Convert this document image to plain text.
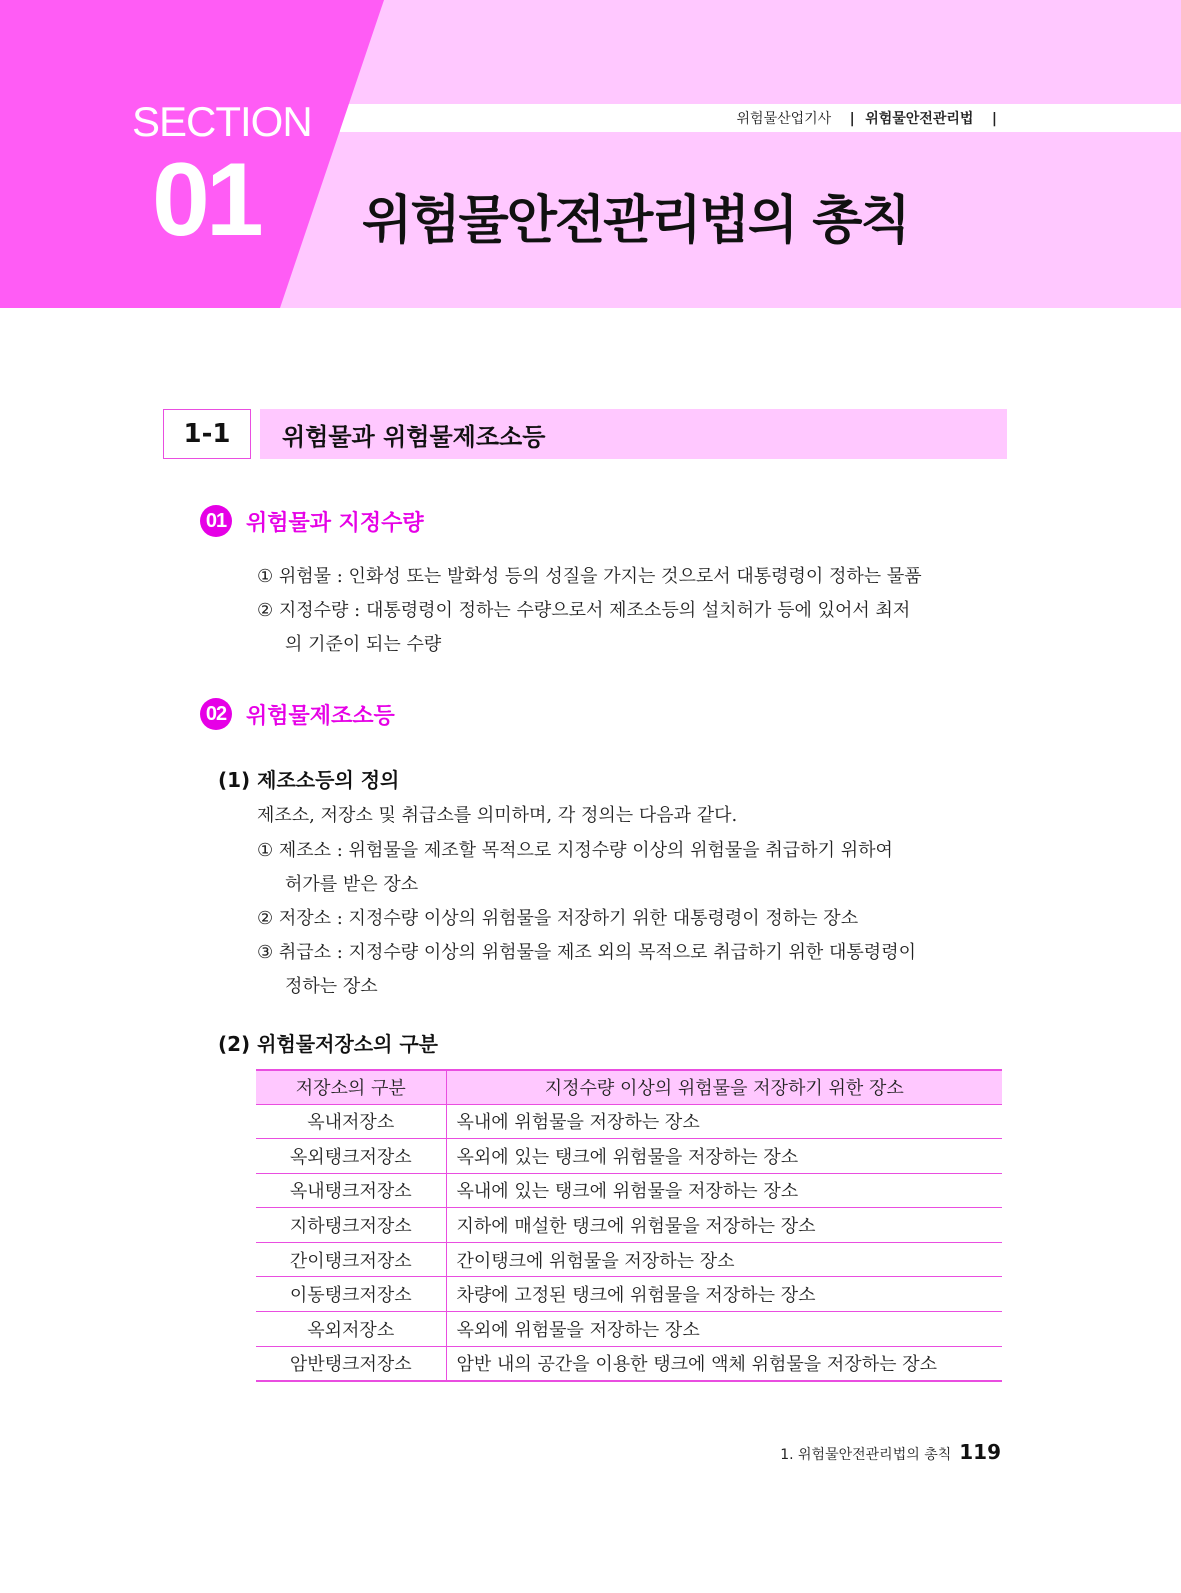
SECTION
01
위험물산업기사 | 위험물안전관리법 |
위험물안전관리법의 총칙
1-1	위험물과 위험물제조소등
01 위험물과 지정수량
① 위험물 : 인화성 또는 발화성 등의 성질을 가지는 것으로서 대통령령이 정하는 물품
② 지정수량 : 대통령령이 정하는 수량으로서 제조소등의 설치허가 등에 있어서 최저
의 기준이 되는 수량
02 위험물제조소등
(1) 제조소등의 정의
제조소, 저장소 및 취급소를 의미하며, 각 정의는 다음과 같다.
① 제조소 : 위험물을 제조할 목적으로 지정수량 이상의 위험물을 취급하기 위하여
허가를 받은 장소
② 저장소 : 지정수량 이상의 위험물을 저장하기 위한 대통령령이 정하는 장소
③ 취급소 : 지정수량 이상의 위험물을 제조 외의 목적으로 취급하기 위한 대통령령이
정하는 장소
(2) 위험물저장소의 구분
저장소의 구분	지정수량 이상의 위험물을 저장하기 위한 장소
옥내저장소	옥내에 위험물을 저장하는 장소
옥외탱크저장소	옥외에 있는 탱크에 위험물을 저장하는 장소
옥내탱크저장소	옥내에 있는 탱크에 위험물을 저장하는 장소
지하탱크저장소	지하에 매설한 탱크에 위험물을 저장하는 장소
간이탱크저장소	간이탱크에 위험물을 저장하는 장소
이동탱크저장소	차량에 고정된 탱크에 위험물을 저장하는 장소
옥외저장소	옥외에 위험물을 저장하는 장소
암반탱크저장소	암반 내의 공간을 이용한 탱크에 액체 위험물을 저장하는 장소
1. 위험물안전관리법의 총칙 119
